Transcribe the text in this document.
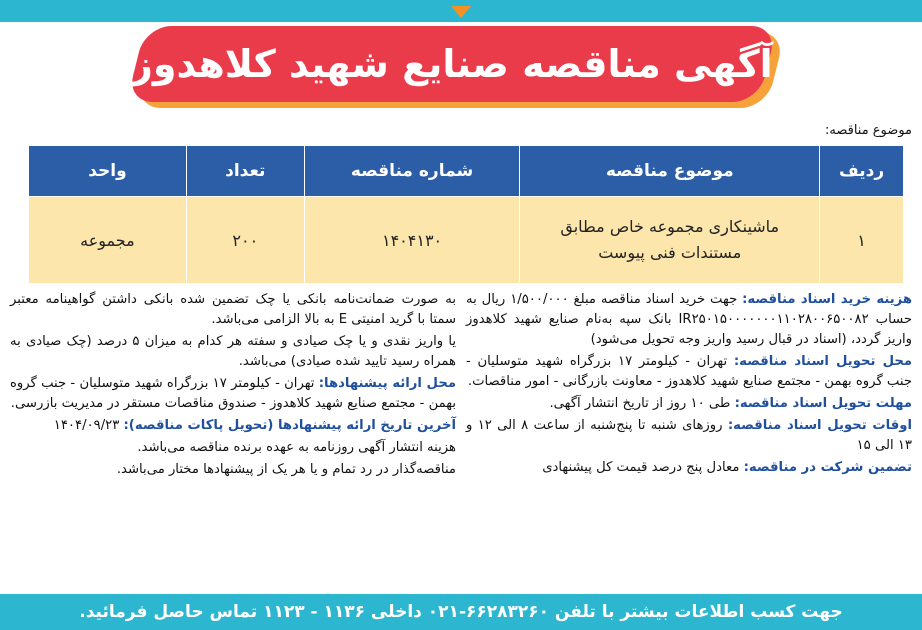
آگهی مناقصه صنایع شهید کلاهدوز
موضوع مناقصه:
ردیف	موضوع مناقصه	شماره مناقصه	تعداد	واحد
۱	ماشینکاری مجموعه خاص مطابق مستندات فنی پیوست	۱۴۰۴۱۳۰	۲۰۰	مجموعه

هزینه خرید اسناد مناقصه: جهت خرید اسناد مناقصه مبلغ ۱/۵۰۰/۰۰۰ ریال به حساب IR۲۵۰۱۵۰۰۰۰۰۰۰۱۱۰۲۸۰۰۶۵۰۰۸۲ بانک سپه به‌نام صنایع شهید کلاهدوز واریز گردد، (اسناد در قبال رسید واریز وجه تحویل می‌شود)

محل تحویل اسناد مناقصه: تهران - کیلومتر ۱۷ بزرگراه شهید متوسلیان - جنب گروه بهمن - مجتمع صنایع شهید کلاهدوز - معاونت بازرگانی - امور مناقصات.

مهلت تحویل اسناد مناقصه: طی ۱۰ روز از تاریخ انتشار آگهی.

اوقات تحویل اسناد مناقصه: روزهای شنبه تا پنج‌شنبه از ساعت ۸ الی ۱۲ و ۱۳ الی ۱۵

تضمین شرکت در مناقصه: معادل پنج درصد قیمت کل پیشنهادی

به صورت ضمانت‌نامه بانکی یا چک تضمین شده بانکی داشتن گواهینامه معتبر سمتا با گرید امنیتی E به بالا الزامی می‌باشد.

یا واریز نقدی و یا چک صیادی و سفته هر کدام به میزان ۵ درصد (چک صیادی به همراه رسید تایید شده صیادی) می‌باشد.

محل ارائه پیشنهادها: تهران - کیلومتر ۱۷ بزرگراه شهید متوسلیان - جنب گروه بهمن - مجتمع صنایع شهید کلاهدوز - صندوق مناقصات مستقر در مدیریت بازرسی.

آخرین تاریخ ارائه پیشنهادها (تحویل پاکات مناقصه): ۱۴۰۴/۰۹/۲۳

هزینه انتشار آگهی روزنامه به عهده برنده مناقصه می‌باشد.

مناقصه‌گذار در رد تمام و یا هر یک از پیشنهادها مختار می‌باشد.

جهت کسب اطلاعات بیشتر با تلفن ۶۶۲۸۳۲۶۰-۰۲۱ داخلی ۱۱۳۶ - ۱۱۲۳ تماس حاصل فرمائید.
